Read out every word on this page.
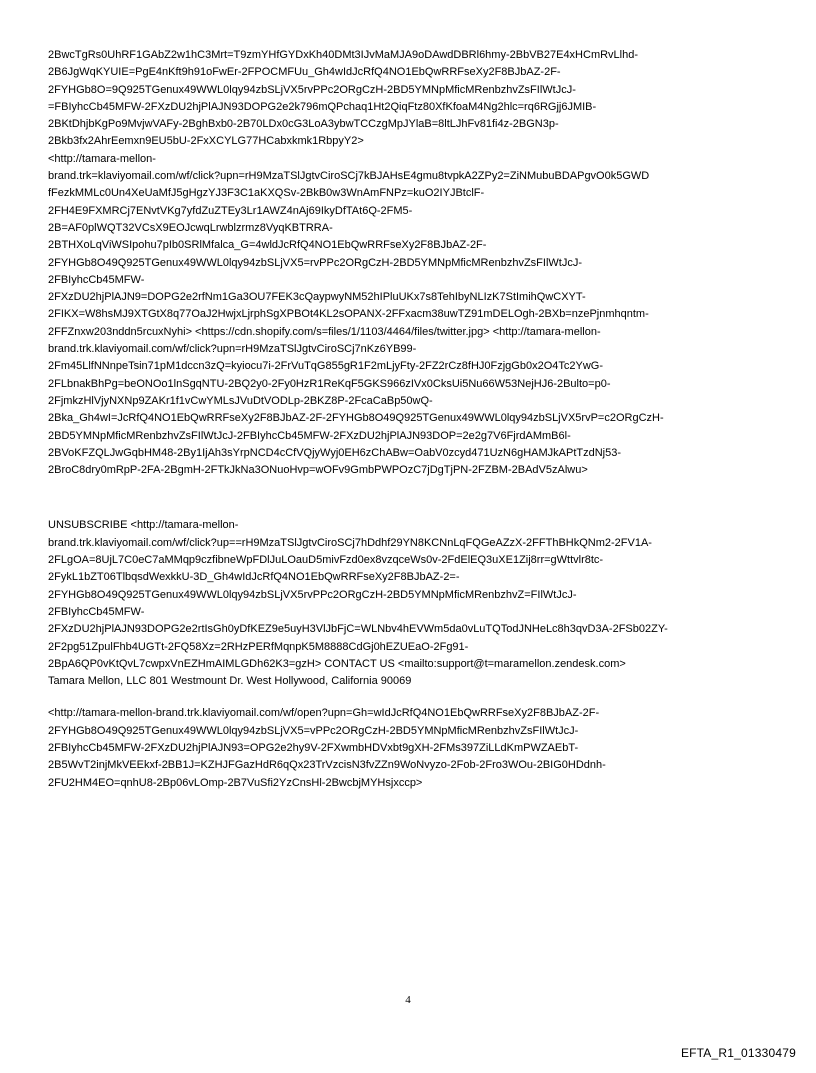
2BwcTgRs0UhRF1GAbZ2w1hC3Mrt=T9zmYHfGYDxKh40DMt3IJvMaMJA9oDAwdDBRl6hmy-2BbVB27E4xHCmRvLlhd-
2B6JgWqKYUIE=PgE4nKft9h91oFwEr-2FPOCMFUu_Gh4wIdJcRfQ4NO1EbQwRRFseXy2F8BJbAZ-2F-
2FYHGb8O=9Q925TGenux49WWL0lqy94zbSLjVX5rvPPc2ORgCzH-2BD5YMNpMficMRenbzhvZsFIlWtJcJ-
=FBIyhcCb45MFW-2FXzDU2hjPlAJN93DOPG2e2k796mQPchaq1Ht2QiqFtz80XfKfoaM4Ng2hlc=rq6RGjj6JMIB-
2BKtDhjbKgPo9MvjwVAFy-2BghBxb0-2B70LDx0cG3LoA3ybwTCCzgMpJYlaB=8ltLJhFv81fi4z-2BGN3p-
2Bkb3fx2AhrEemxn9EU5bU-2FxXCYLG77HCabxkmk1RbpyY2>
<http://tamara-mellon-
brand.trk=klaviyomail.com/wf/click?upn=rH9MzaTSlJgtvCiroSCj7kBJAHsE4gmu8tvpkA2ZPy2=ZiNMubuBDAPgvO0k5GWD
fFezkMMLc0Un4XeUaMfJ5gHgzYJ3F3C1aKXQSv-2BkB0w3WnAmFNPz=kuO2IYJBtclF-
2FH4E9FXMRCj7ENvtVKg7yfdZuZTEy3Lr1AWZ4nAj69IkyDfTAt6Q-2FM5-
2B=AF0plWQT32VCsX9EOJcwqLrwblzrmz8VyqKBTRRA-
2BTHXoLqViWSIpohu7pIb0SRlMfalca_G=4wldJcRfQ4NO1EbQwRRFseXy2F8BJbAZ-2F-
2FYHGb8O49Q925TGenux49WWL0lqy94zbSLjVX5=rvPPc2ORgCzH-2BD5YMNpMficMRenbzhvZsFIlWtJcJ-
2FBIyhcCb45MFW-
2FXzDU2hjPlAJN9=DOPG2e2rfNm1Ga3OU7FEK3cQaypwyNM52hIPluUKx7s8TehIbyNLIzK7StImihQwCXYT-
2FIKX=W8hsMJ9XTGtX8q77OaJ2HwjxLjrphSgXPBOt4KL2sOPANX-2FFxacm38uwTZ91mDELOgh-2BXb=nzePjnmhqntm-
2FFZnxw203nddn5rcuxNyhi> <https://cdn.shopify.com/s=files/1/1103/4464/files/twitter.jpg> <http://tamara-mellon-
brand.trk.klaviyomail.com/wf/click?upn=rH9MzaTSlJgtvCiroSCj7nKz6YB99-
2Fm45LlfNNnpeTsin71pM1dccn3zQ=kyiocu7i-2FrVuTqG855gR1F2mLjyFty-2FZ2rCz8fHJ0FzjgGb0x2O4Tc2YwG-
2FLbnakBhPg=beONOo1lnSgqNTU-2BQ2y0-2Fy0HzR1ReKqF5GKS966zIVx0CksUi5Nu66W53NejHJ6-2Bulto=p0-
2FjmkzHlVjyNXNp9ZAKr1f1vCwYMLsJVuDtVODLp-2BKZ8P-2FcaCaBp50wQ-
2Bka_Gh4wI=JcRfQ4NO1EbQwRRFseXy2F8BJbAZ-2F-2FYHGb8O49Q925TGenux49WWL0lqy94zbSLjVX5rvP=c2ORgCzH-
2BD5YMNpMficMRenbzhvZsFIlWtJcJ-2FBIyhcCb45MFW-2FXzDU2hjPlAJN93DOP=2e2g7V6FjrdAMmB6l-
2BVoKFZQLJwGqbHM48-2By1IjAh3sYrpNCD4cCfVQjyWyj0EH6zChABw=OabV0zcyd471UzN6gHAMJkAPtTzdNj53-
2BroC8dry0mRpP-2FA-2BgmH-2FTkJkNa3ONuoHvp=wOFv9GmbPWPOzC7jDgTjPN-2FZBM-2BAdV5zAlwu>
UNSUBSCRIBE <http://tamara-mellon-
brand.trk.klaviyomail.com/wf/click?up==rH9MzaTSlJgtvCiroSCj7hDdhf29YN8KCNnLqFQGeAZzX-2FFThBHkQNm2-2FV1A-
2FLgOA=8UjL7C0eC7aMMqp9czfibneWpFDlJuLOauD5mivFzd0ex8vzqceWs0v-2FdElEQ3uXE1Zij8rr=gWttvlr8tc-
2FykL1bZT06TlbqsdWexkkU-3D_Gh4wIdJcRfQ4NO1EbQwRRFseXy2F8BJbAZ-2=-
2FYHGb8O49Q925TGenux49WWL0lqy94zbSLjVX5rvPPc2ORgCzH-2BD5YMNpMficMRenbzhvZ=FIlWtJcJ-
2FBIyhcCb45MFW-
2FXzDU2hjPlAJN93DOPG2e2rtIsGh0yDfKEZ9e5uyH3VlJbFjC=WLNbv4hEVWm5da0vLuTQTodJNHeLc8h3qvD3A-2FSb02ZY-
2F2pg51ZpulFhb4UGTt-2FQ58Xz=2RHzPERfMqnpK5M8888CdGj0hEZUEaO-2Fg91-
2BpA6QP0vKtQvL7cwpxVnEZHmAIMLGDh62K3=gzH> CONTACT US <mailto:support@t=maramellon.zendesk.com>
Tamara Mellon, LLC 801 Westmount Dr. West Hollywood, California 90069
<http://tamara-mellon-brand.trk.klaviyomail.com/wf/open?upn=Gh=wIdJcRfQ4NO1EbQwRRFseXy2F8BJbAZ-2F-
2FYHGb8O49Q925TGenux49WWL0lqy94zbSLjVX5=vPPc2ORgCzH-2BD5YMNpMficMRenbzhvZsFIlWtJcJ-
2FBIyhcCb45MFW-2FXzDU2hjPlAJN93=OPG2e2hy9V-2FXwmbHDVxbt9gXH-2FMs397ZiLLdKmPWZAEbT-
2B5WvT2injMkVEEkxf-2BB1J=KZHJFGazHdR6qQx23TrVzcisN3fvZZn9WoNvyzo-2Fob-2Fro3WOu-2BIG0HDdnh-
2FU2HM4EO=qnhU8-2Bp06vLOmp-2B7VuSfi2YzCnsHl-2BwcbjMYHsjxccp>
4
EFTA_R1_01330479
